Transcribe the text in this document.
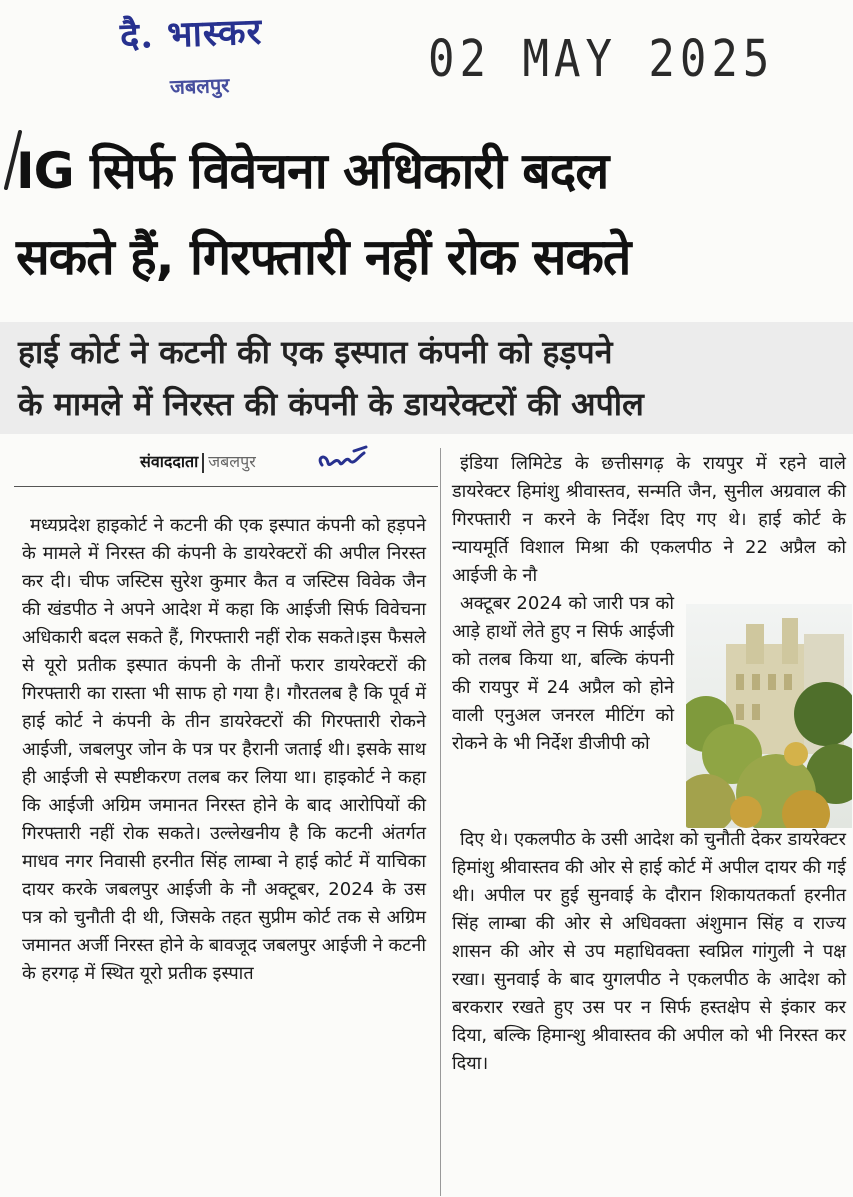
दै. भास्कर
जबलपुर	02 MAY 2025
IG सिर्फ विवेचना अधिकारी बदल
सकते हैं, गिरफ्तारी नहीं रोक सकते
हाई कोर्ट ने कटनी की एक इस्पात कंपनी को हड़पने
के मामले में निरस्त की कंपनी के डायरेक्टरों की अपील
संवाददाता जबलपुर

मध्यप्रदेश हाइकोर्ट ने कटनी की एक इस्पात कंपनी को हड़पने के मामले में निरस्त की कंपनी के डायरेक्टरों की अपील निरस्त कर दी। चीफ जस्टिस सुरेश कुमार कैत व जस्टिस विवेक जैन की खंडपीठ ने अपने आदेश में कहा कि आईजी सिर्फ विवेचना अधिकारी बदल सकते हैं, गिरफ्तारी नहीं रोक सकते।इस फैसले से यूरो प्रतीक इस्पात कंपनी के तीनों फरार डायरेक्टरों की गिरफ्तारी का रास्ता भी साफ हो गया है। गौरतलब है कि पूर्व में हाई कोर्ट ने कंपनी के तीन डायरेक्टरों की गिरफ्तारी रोकने आईजी, जबलपुर जोन के पत्र पर हैरानी जताई थी। इसके साथ ही आईजी से स्पष्टीकरण तलब कर लिया था। हाइकोर्ट ने कहा कि आईजी अग्रिम जमानत निरस्त होने के बाद आरोपियों की गिरफ्तारी नहीं रोक सकते। उल्लेखनीय है कि कटनी अंतर्गत माधव नगर निवासी हरनीत सिंह लाम्बा ने हाई कोर्ट में याचिका दायर करके जबलपुर आईजी के नौ अक्टूबर, 2024 के उस पत्र को चुनौती दी थी, जिसके तहत सुप्रीम कोर्ट तक से अग्रिम जमानत अर्जी निरस्त होने के बावजूद जबलपुर आईजी ने कटनी के हरगढ़ में स्थित यूरो प्रतीक इस्पात

इंडिया लिमिटेड के छत्तीसगढ़ के रायपुर में रहने वाले डायरेक्टर हिमांशु श्रीवास्तव, सन्मति जैन, सुनील अग्रवाल की गिरफ्तारी न करने के निर्देश दिए गए थे। हाई कोर्ट के न्यायमूर्ति विशाल मिश्रा की एकलपीठ ने 22 अप्रैल को आईजी के नौ

अक्टूबर 2024 को जारी पत्र को आड़े हाथों लेते हुए न सिर्फ आईजी को तलब किया था, बल्कि कंपनी की रायपुर में 24 अप्रैल को होने वाली एनुअल जनरल मीटिंग को रोकने के भी निर्देश डीजीपी को

दिए थे। एकलपीठ के उसी आदेश को चुनौती देकर डायरेक्टर हिमांशु श्रीवास्तव की ओर से हाई कोर्ट में अपील दायर की गई थी। अपील पर हुई सुनवाई के दौरान शिकायतकर्ता हरनीत सिंह लाम्बा की ओर से अधिवक्ता अंशुमान सिंह व राज्य शासन की ओर से उप महाधिवक्ता स्वप्निल गांगुली ने पक्ष रखा। सुनवाई के बाद युगलपीठ ने एकलपीठ के आदेश को बरकरार रखते हुए उस पर न सिर्फ हस्तक्षेप से इंकार कर दिया, बल्कि हिमान्शु श्रीवास्तव की अपील को भी निरस्त कर दिया।
